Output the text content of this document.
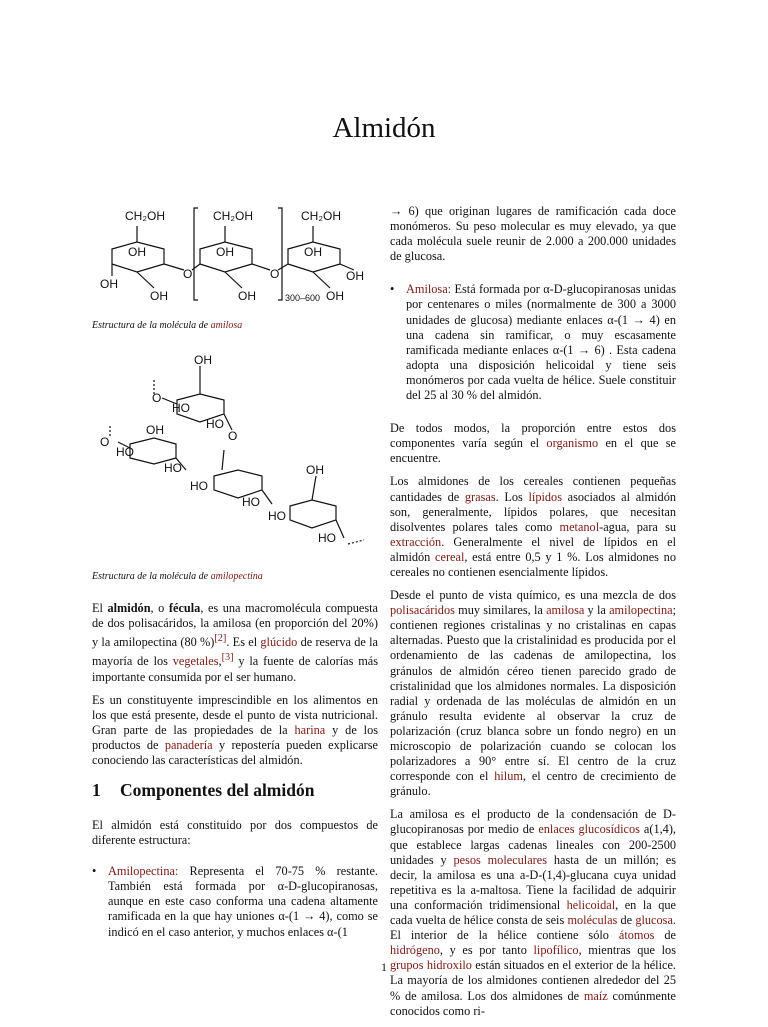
Almidón
CH₂OH	CH₂OH	CH₂OH
OH	OH	OH
OH
OH	OH	OH
OH
O	O
300–600
Estructura de la molécula de amilosa
OH
O
HO
HO
O
OH
O
HO
HO
HO
HO
OH
HO
HO
Estructura de la molécula de amilopectina

El almidón, o fécula, es una macromolécula compuesta de dos polisacáridos, la amilosa (en proporción del 20%) y la amilopectina (80 %)[2]. Es el glúcido de reserva de la mayoría de los vegetales,[3] y la fuente de calorías más importante consumida por el ser humano.

Es un constituyente imprescindible en los alimentos en los que está presente, desde el punto de vista nutricional. Gran parte de las propiedades de la harina y de los productos de panadería y repostería pueden explicarse conociendo las características del almidón.

1 Componentes del almidón

El almidón está constituido por dos compuestos de diferente estructura:

• Amilopectina: Representa el 70-75 % restante. También está formada por α-D-glucopiranosas, aunque en este caso conforma una cadena altamente ramificada en la que hay uniones α-(1 → 4), como se indicó en el caso anterior, y muchos enlaces α-(1

→ 6) que originan lugares de ramificación cada doce monómeros. Su peso molecular es muy elevado, ya que cada molécula suele reunir de 2.000 a 200.000 unidades de glucosa.

• Amilosa: Está formada por α-D-glucopiranosas unidas por centenares o miles (normalmente de 300 a 3000 unidades de glucosa) mediante enlaces α-(1 → 4) en una cadena sin ramificar, o muy escasamente ramificada mediante enlaces α-(1 → 6) . Esta cadena adopta una disposición helicoidal y tiene seis monómeros por cada vuelta de hélice. Suele constituir del 25 al 30 % del almidón.

De todos modos, la proporción entre estos dos componentes varía según el organismo en el que se encuentre.

Los almidones de los cereales contienen pequeñas cantidades de grasas. Los lípidos asociados al almidón son, generalmente, lípidos polares, que necesitan disolventes polares tales como metanol-agua, para su extracción. Generalmente el nivel de lípidos en el almidón cereal, está entre 0,5 y 1 %. Los almidones no cereales no contienen esencialmente lípidos.

Desde el punto de vista químico, es una mezcla de dos polisacáridos muy similares, la amilosa y la amilopectina; contienen regiones cristalinas y no cristalinas en capas alternadas. Puesto que la cristalinidad es producida por el ordenamiento de las cadenas de amilopectina, los gránulos de almidón céreo tienen parecido grado de cristalinidad que los almidones normales. La disposición radial y ordenada de las moléculas de almidón en un gránulo resulta evidente al observar la cruz de polarización (cruz blanca sobre un fondo negro) en un microscopio de polarización cuando se colocan los polarizadores a 90° entre sí. El centro de la cruz corresponde con el hilum, el centro de crecimiento de gránulo.

La amilosa es el producto de la condensación de D-glucopiranosas por medio de enlaces glucosídicos a(1,4), que establece largas cadenas lineales con 200-2500 unidades y pesos moleculares hasta de un millón; es decir, la amilosa es una a-D-(1,4)-glucana cuya unidad repetitiva es la a-maltosa. Tiene la facilidad de adquirir una conformación tridimensional helicoidal, en la que cada vuelta de hélice consta de seis moléculas de glucosa. El interior de la hélice contiene sólo átomos de hidrógeno, y es por tanto lipofílico, mientras que los grupos hidroxilo están situados en el exterior de la hélice. La mayoría de los almidones contienen alrededor del 25 % de amilosa. Los dos almidones de maíz comúnmente conocidos como ri-

1
